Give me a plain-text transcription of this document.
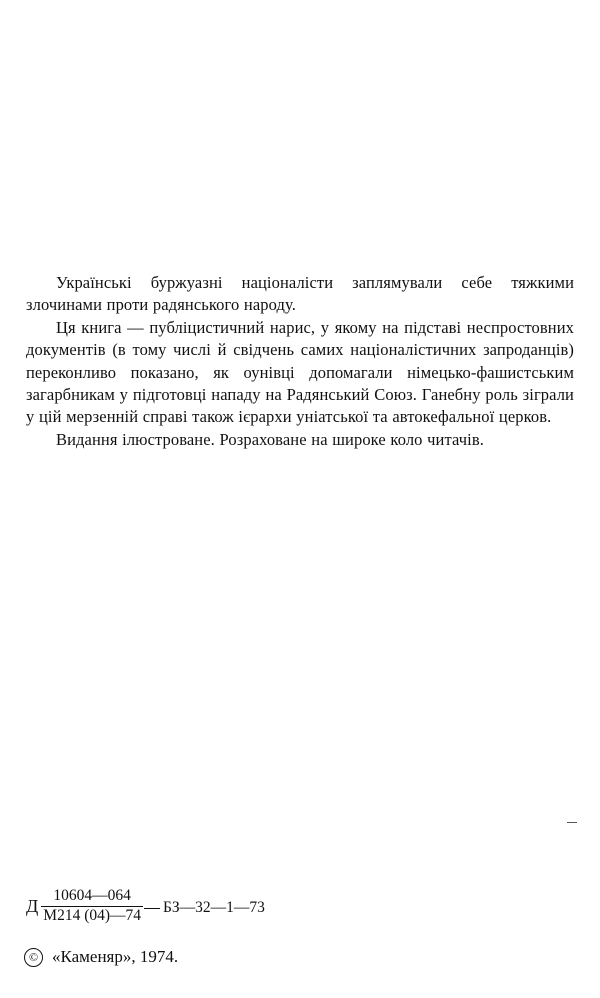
Українські буржуазні націоналісти заплямували себе тяжкими злочинами проти радянського народу.

Ця книга — публіцистичний нарис, у якому на підставі неспростовних документів (в тому числі й свідчень самих націоналістичних запроданців) переконливо показано, як оунівці допомагали німецько-фашистським загарбникам у підготовці нападу на Радянський Союз. Ганебну роль зіграли у цій мерзенній справі також ієрархи уніатської та автокефальної церков.

Видання ілюстроване. Розраховане на широке коло читачів.

Д $\frac{10604—064}{М214 (04)—74}$ БЗ—32—1—73
© «Каменяр», 1974.
